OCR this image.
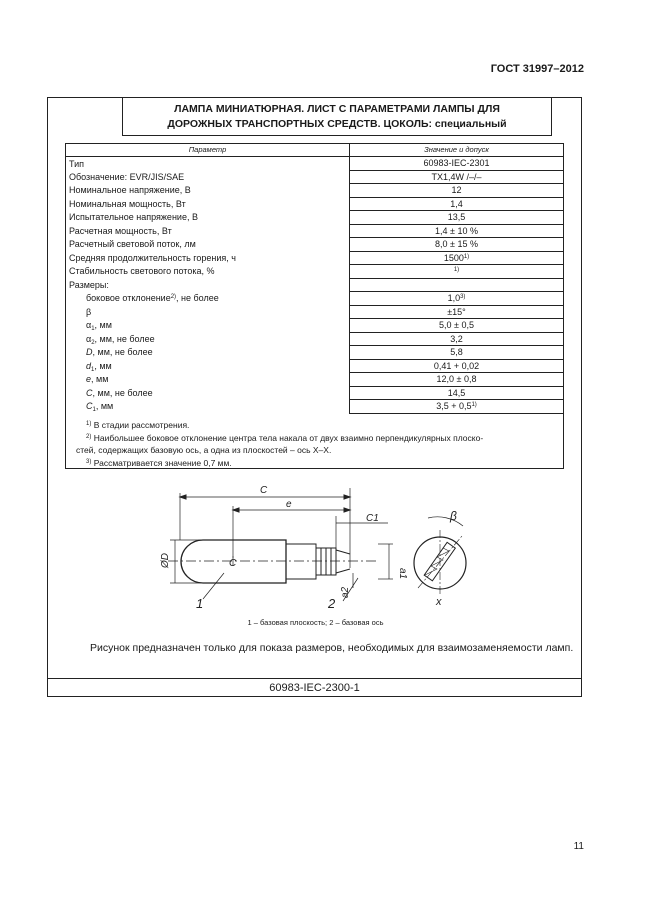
ГОСТ 31997–2012
ЛАМПА МИНИАТЮРНАЯ. ЛИСТ С ПАРАМЕТРАМИ ЛАМПЫ ДЛЯ
ДОРОЖНЫХ ТРАНСПОРТНЫХ СРЕДСТВ. ЦОКОЛЬ: специальный
Параметр	Значение и допуск
Тип	60983-IEC-2301
Обозначение: EVR/JIS/SAE	TX1,4W /–/–
Номинальное напряжение, В	12
Номинальная мощность, Вт	1,4
Испытательное напряжение, В	13,5
Расчетная мощность, Вт	1,4 ± 10 %
Расчетный световой поток, лм	8,0 ± 15 %
Средняя продолжительность горения, ч	1500$^{1)}$
Стабильность светового потока, %	$^{1)}$
Размеры:	
боковое отклонение$^{2)}$, не более	1,0$^{3)}$
β	±15°
$\alpha_1$, мм	5,0 ± 0,5
$\alpha_2$, мм, не более	3,2
D, мм, не более	5,8
$d_1$, мм	0,41 + 0,02
e, мм	12,0 ± 0,8
C, мм, не более	14,5
$C_1$, мм	$3,5 + 0,5^{1)}$

$^{1)}$ В стадии рассмотрения.

$^{2)}$ Наибольшее боковое отклонение центра тела накала от двух взаимно перпендикулярных плоско-

стей, содержащих базовую ось, а одна из плоскостей – ось X–X.

$^{3)}$ Рассматривается значение 0,7 мм.

C
e
C1
ØD	C
a1
a2
1	2
β
x
1 – базовая плоскость; 2 – базовая ось
Рисунок предназначен только для показа размеров, необходимых для взаимозаменяемости ламп.
60983-IEC-2300-1
11
